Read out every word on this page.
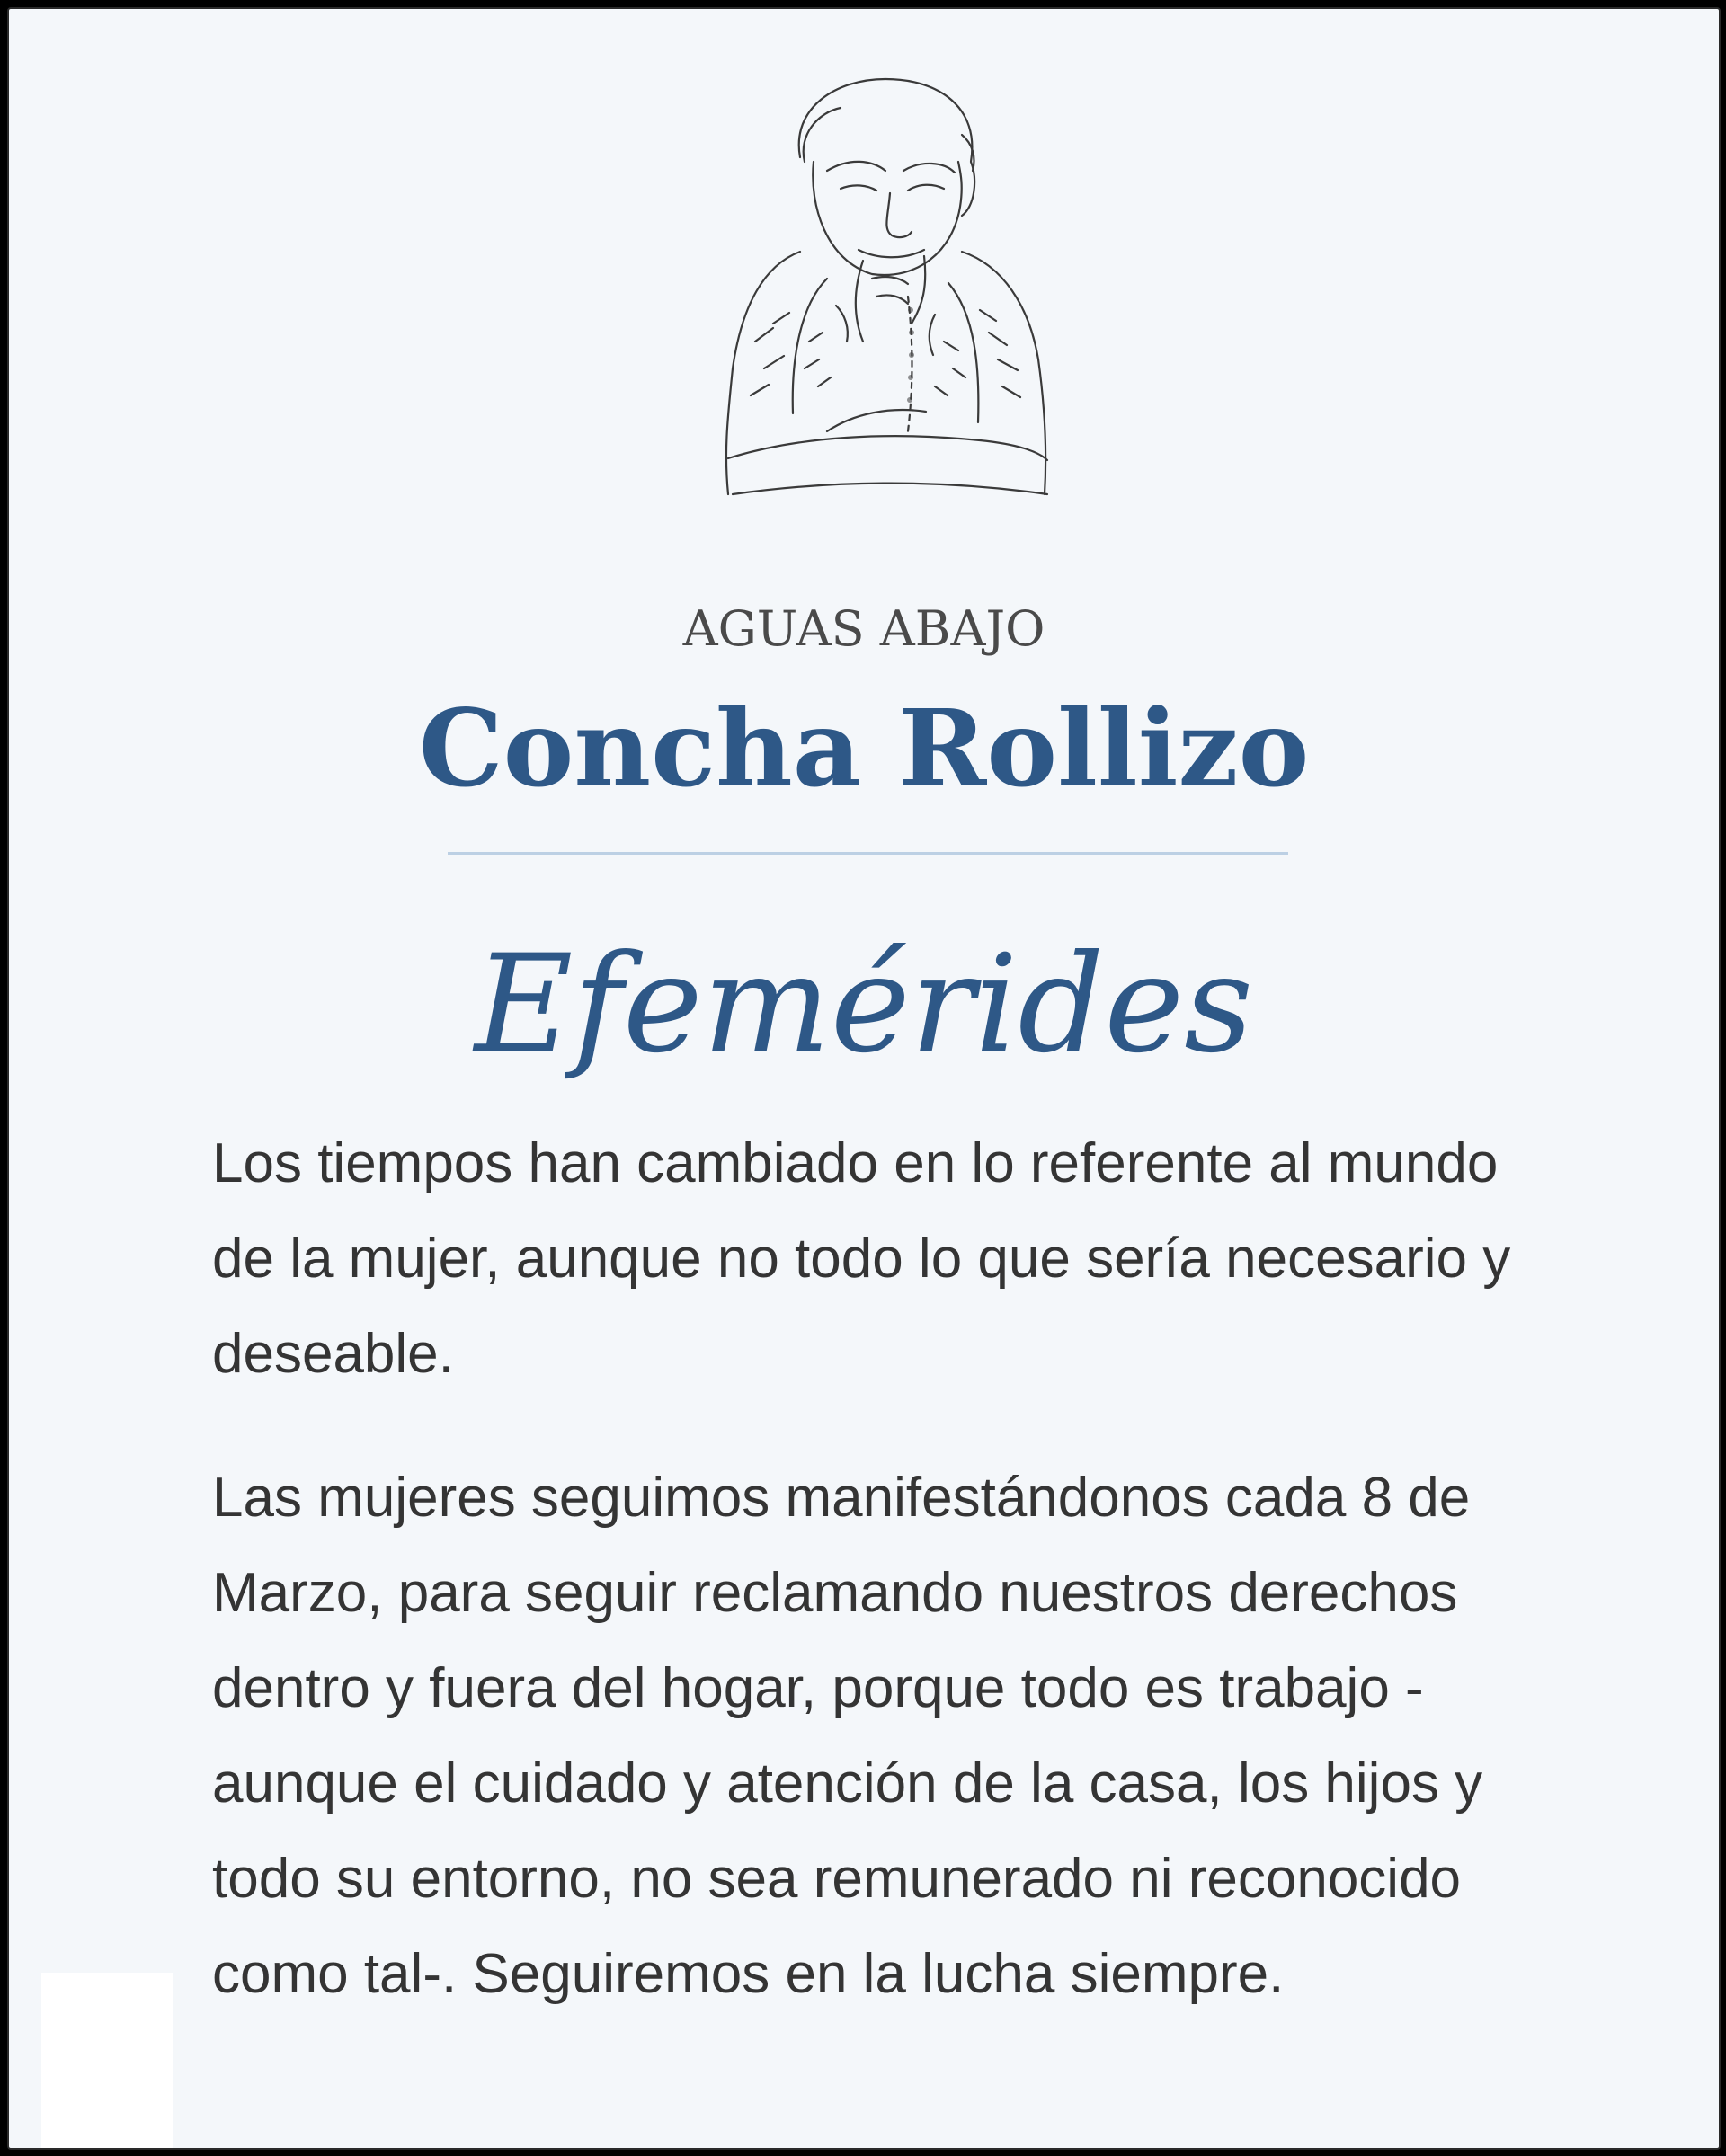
AGUAS ABAJO
Concha Rollizo
Efemérides

Los tiempos han cambiado en lo referente al mundo de la mujer, aunque no todo lo que sería necesario y deseable.

Las mujeres seguimos manifestándonos cada 8 de Marzo, para seguir reclamando nuestros derechos dentro y fuera del hogar, porque todo es trabajo -aunque el cuidado y atención de la casa, los hijos y todo su entorno, no sea remunerado ni reconocido como tal-. Seguiremos en la lucha siempre.
